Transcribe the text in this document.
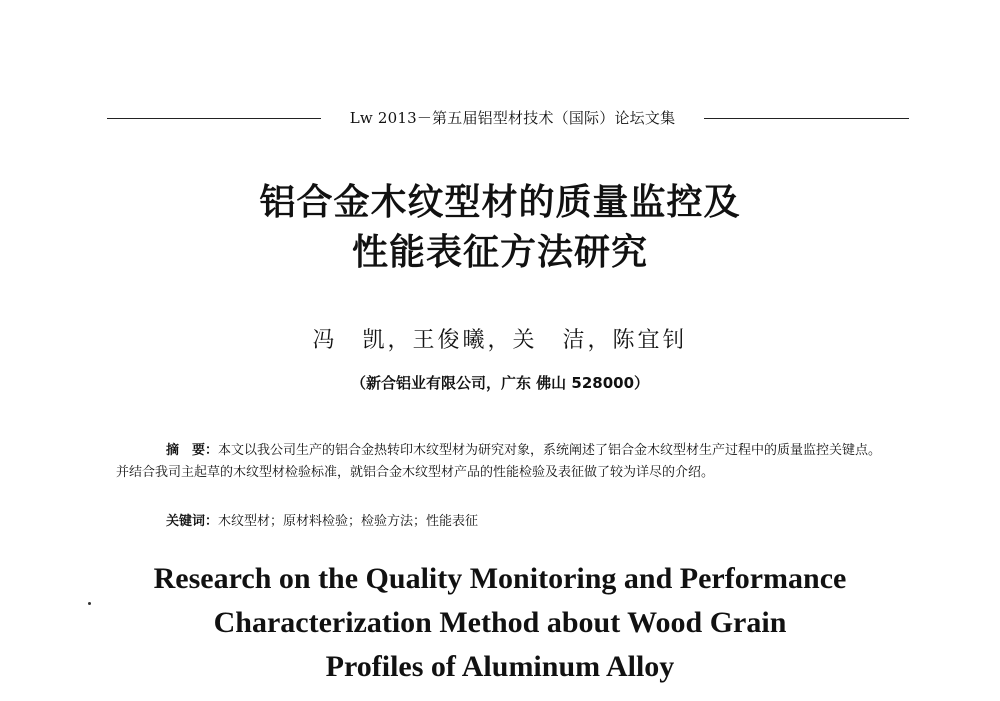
Lw 2013－第五届铝型材技术（国际）论坛文集
铝合金木纹型材的质量监控及
性能表征方法研究
冯　凯，王俊曦，关　洁，陈宜钊
（新合铝业有限公司，广东 佛山 528000）
摘　要：本文以我公司生产的铝合金热转印木纹型材为研究对象，系统阐述了铝合金木纹型材生产过程中的质量监控关键点。并结合我司主起草的木纹型材检验标准，就铝合金木纹型材产品的性能检验及表征做了较为详尽的介绍。
关键词：木纹型材；原材料检验；检验方法；性能表征
Research on the Quality Monitoring and Performance
Characterization Method about Wood Grain
Profiles of Aluminum Alloy
